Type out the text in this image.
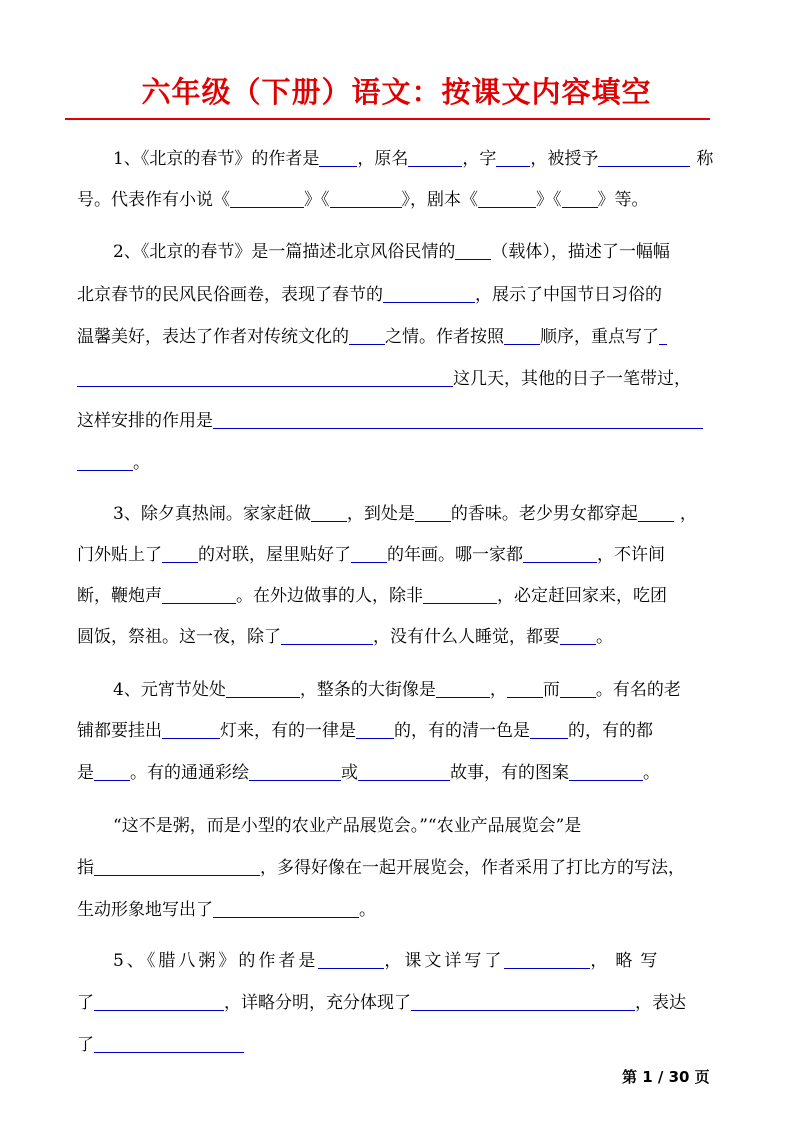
六年级（下册）语文：按课文内容填空
1、《北京的春节》的作者是 ，原名	，字 ，被授予	称
号。代表作有小说《	》《	》，剧本《	》《 》等。
2、《北京的春节》是一篇描述北京风俗民情的 （载体），描述了一幅幅
北京春节的民风民俗画卷，表现了春节的	，展示了中国节日习俗的
温馨美好，表达了作者对传统文化的 之情。作者按照 顺序，重点写了
这几天，其他的日子一笔带过，
这样安排的作用是
。
3、除夕真热闹。家家赶做 ，到处是 的香味。老少男女都穿起 ，
门外贴上了 的对联，屋里贴好了 的年画。哪一家都	，不许间
断，鞭炮声	。在外边做事的人，除非	，必定赶回家来，吃团
圆饭，祭祖。这一夜，除了	，没有什么人睡觉，都要 。
4、元宵节处处	，整条的大街像是	， 而 。有名的老
铺都要挂出	灯来，有的一律是 的，有的清一色是 的，有的都
是 。有的通通彩绘	或	故事，有的图案	。
“这不是粥，而是小型的农业产品展览会。”“农业产品展览会”是
指	，多得好像在一起开展览会，作者采用了打比方的写法，
生动形象地写出了	。
5、《腊八粥》的作者是	，课文详写了	，略写
了	，详略分明，充分体现了	，表达
了
第 1 / 30 页
